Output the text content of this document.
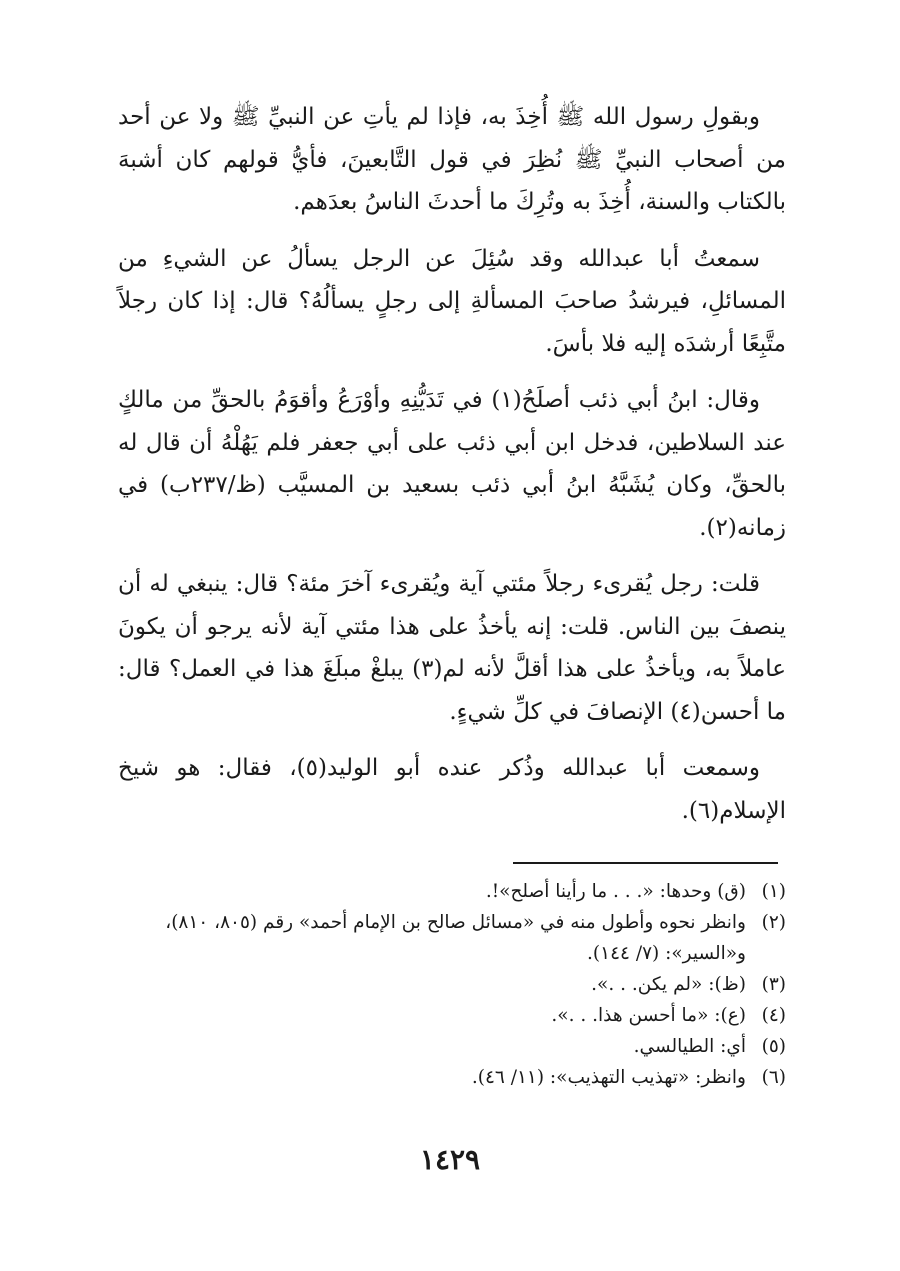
وبقولِ رسول الله ﷺ أُخِذَ به، فإذا لم يأتِ عن النبيِّ ﷺ ولا عن أحد من أصحاب النبيِّ ﷺ نُظِرَ في قول التَّابعينَ، فأيُّ قولهم كان أشبهَ بالكتاب والسنة، أُخِذَ به وتُرِكَ ما أحدثَ الناسُ بعدَهم.

سمعتُ أبا عبدالله وقد سُئِلَ عن الرجل يسألُ عن الشيءِ من المسائلِ، فيرشدُ صاحبَ المسألةِ إلى رجلٍ يسألُهُ؟ قال: إذا كان رجلاً متَّبِعًا أرشدَه إليه فلا بأسَ.

وقال: ابنُ أبي ذئب أصلَحُ(١) في تَدَيُّنِهِ وأوْرَعُ وأقوَمُ بالحقِّ من مالكٍ عند السلاطين، فدخل ابن أبي ذئب على أبي جعفر فلم يَهُلْهُ أن قال له بالحقِّ، وكان يُشَبَّهُ ابنُ أبي ذئب بسعيد بن المسيَّب (ظ/٢٣٧ب) في زمانه(٢).

قلت: رجل يُقرىء رجلاً مئتي آية ويُقرىء آخرَ مئة؟ قال: ينبغي له أن ينصفَ بين الناس. قلت: إنه يأخذُ على هذا مئتي آية لأنه يرجو أن يكونَ عاملاً به، ويأخذُ على هذا أقلَّ لأنه لم(٣) يبلغْ مبلَغَ هذا في العمل؟ قال: ما أحسن(٤) الإنصافَ في كلِّ شيءٍ.

وسمعت أبا عبدالله وذُكر عنده أبو الوليد(٥)، فقال: هو شيخ الإسلام(٦).

(١)
(ق) وحدها: «. . . ما رأينا أصلح»!.
(٢)
وانظر نحوه وأطول منه في «مسائل صالح بن الإمام أحمد» رقم (٨٠٥، ٨١٠)، و«السير»: (٧/ ١٤٤).
(٣)
(ظ): «لم يكن. . .».
(٤)
(ع): «ما أحسن هذا. . .».
(٥)
أي: الطيالسي.
(٦)
وانظر: «تهذيب التهذيب»: (١١/ ٤٦).
١٤٢٩
